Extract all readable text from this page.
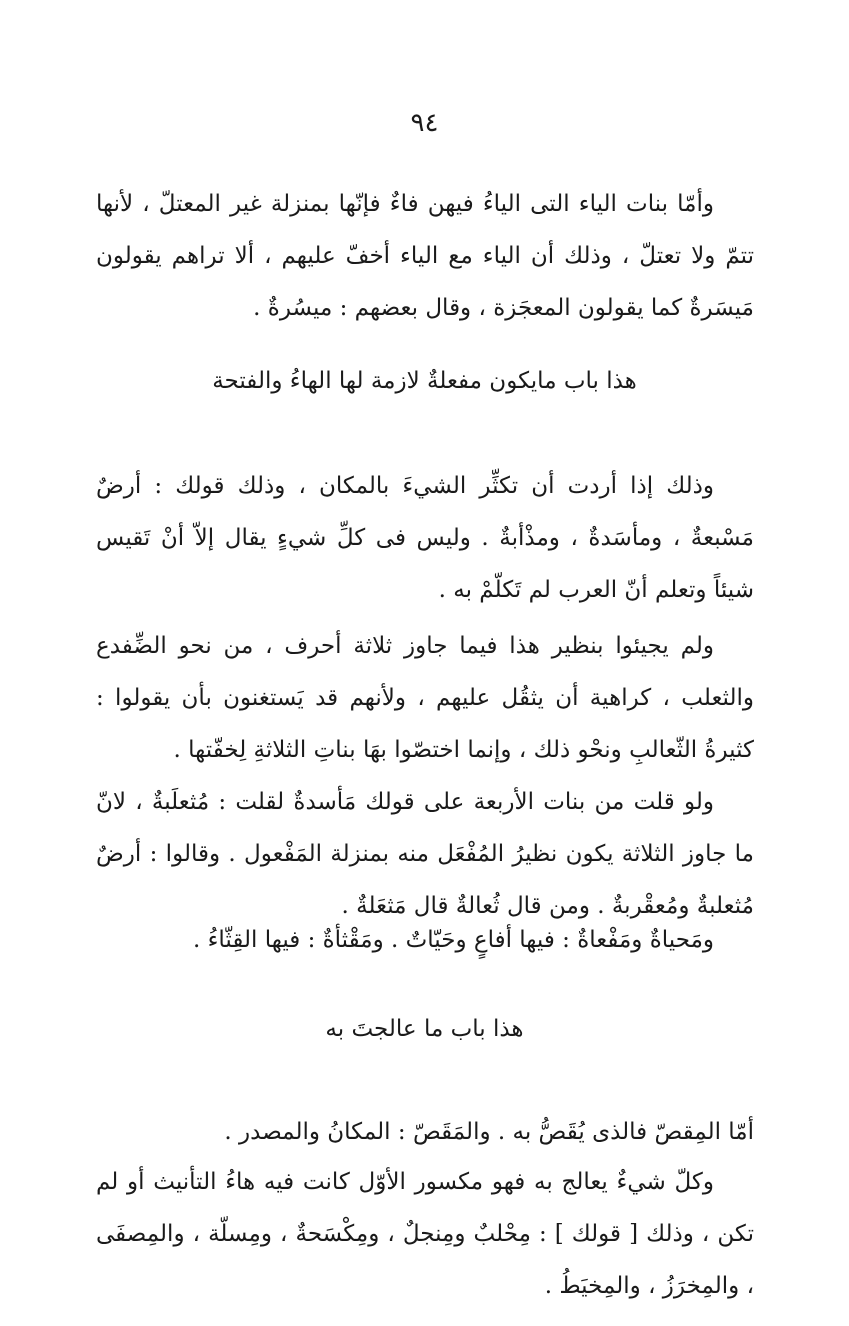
٩٤
وأمّا بنات الياء التى الياءُ فيهن فاءٌ فإنّها بمنزلة غير المعتلّ ، لأنها تتمّ ولا تعتلّ ، وذلك أن الياء مع الياء أخفّ عليهم ، ألا تراهم يقولون مَيسَرةٌ كما يقولون المعجَزة ، وقال بعضهم : ميسُرةٌ .
هذا باب مايكون مفعلةٌ لازمة لها الهاءُ والفتحة
وذلك إذا أردت أن تكثِّر الشيءَ بالمكان ، وذلك قولك : أرضٌ مَسْبعةٌ ، ومأسَدةٌ ، ومذْأبةٌ . وليس فى كلِّ شيءٍ يقال إلاّ أنْ تَقيس شيئاً وتعلم أنّ العرب لم تَكلّمْ به .
ولم يجيئوا بنظير هذا فيما جاوز ثلاثة أحرف ، من نحو الضِّفدع والثعلب ، كراهية أن يثقُل عليهم ، ولأنهم قد يَستغنون بأن يقولوا : كثيرةُ الثّعالبِ ونحْو ذلك ، وإنما اختصّوا بهَا بناتِ الثلاثةِ لِخفّتها .
ولو قلت من بنات الأربعة على قولك مَأسدةٌ لقلت : مُثعلَبةٌ ، لانّ ما جاوز الثلاثة يكون نظيرُ المُفْعَل منه بمنزلة المَفْعول . وقالوا : أرضٌ مُثعلبةٌ ومُعقْربةٌ . ومن قال ثُعالةٌ قال مَثعَلةٌ .
ومَحياةٌ ومَفْعاةٌ : فيها أفاعٍ وحَيّاتٌ . ومَقْثأةٌ : فيها القِثّاءُ .
هذا باب ما عالجتَ به
أمّا المِقصّ فالذى يُقَصُّ به . والمَقَصّ : المكانُ والمصدر .
وكلّ شيءٌ يعالج به فهو مكسور الأوّل كانت فيه هاءُ التأنيث أو لم تكن ، وذلك [ قولك ] : مِحْلبٌ ومِنجلٌ ، ومِكْسَحةٌ ، ومِسلّة ، والمِصفَى ، والمِخرَزُ ، والمِخيَطُ .
